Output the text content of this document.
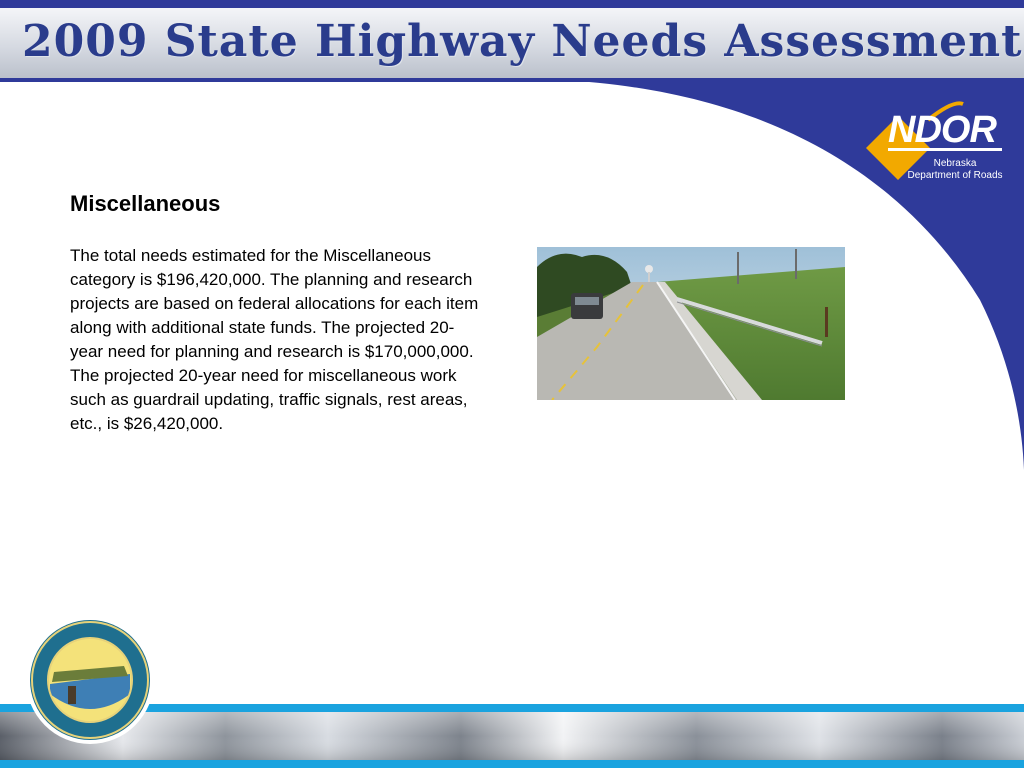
2009 State Highway Needs Assessment
NDOR
Nebraska
Department of Roads
Miscellaneous
The total needs estimated for the Miscellaneous category is $196,420,000. The planning and research projects are based on federal allocations for each item along with additional state funds. The projected 20-year need for planning and research is $170,000,000. The projected 20-year need for miscellaneous work such as guardrail updating, traffic signals, rest areas, etc., is $26,420,000.
